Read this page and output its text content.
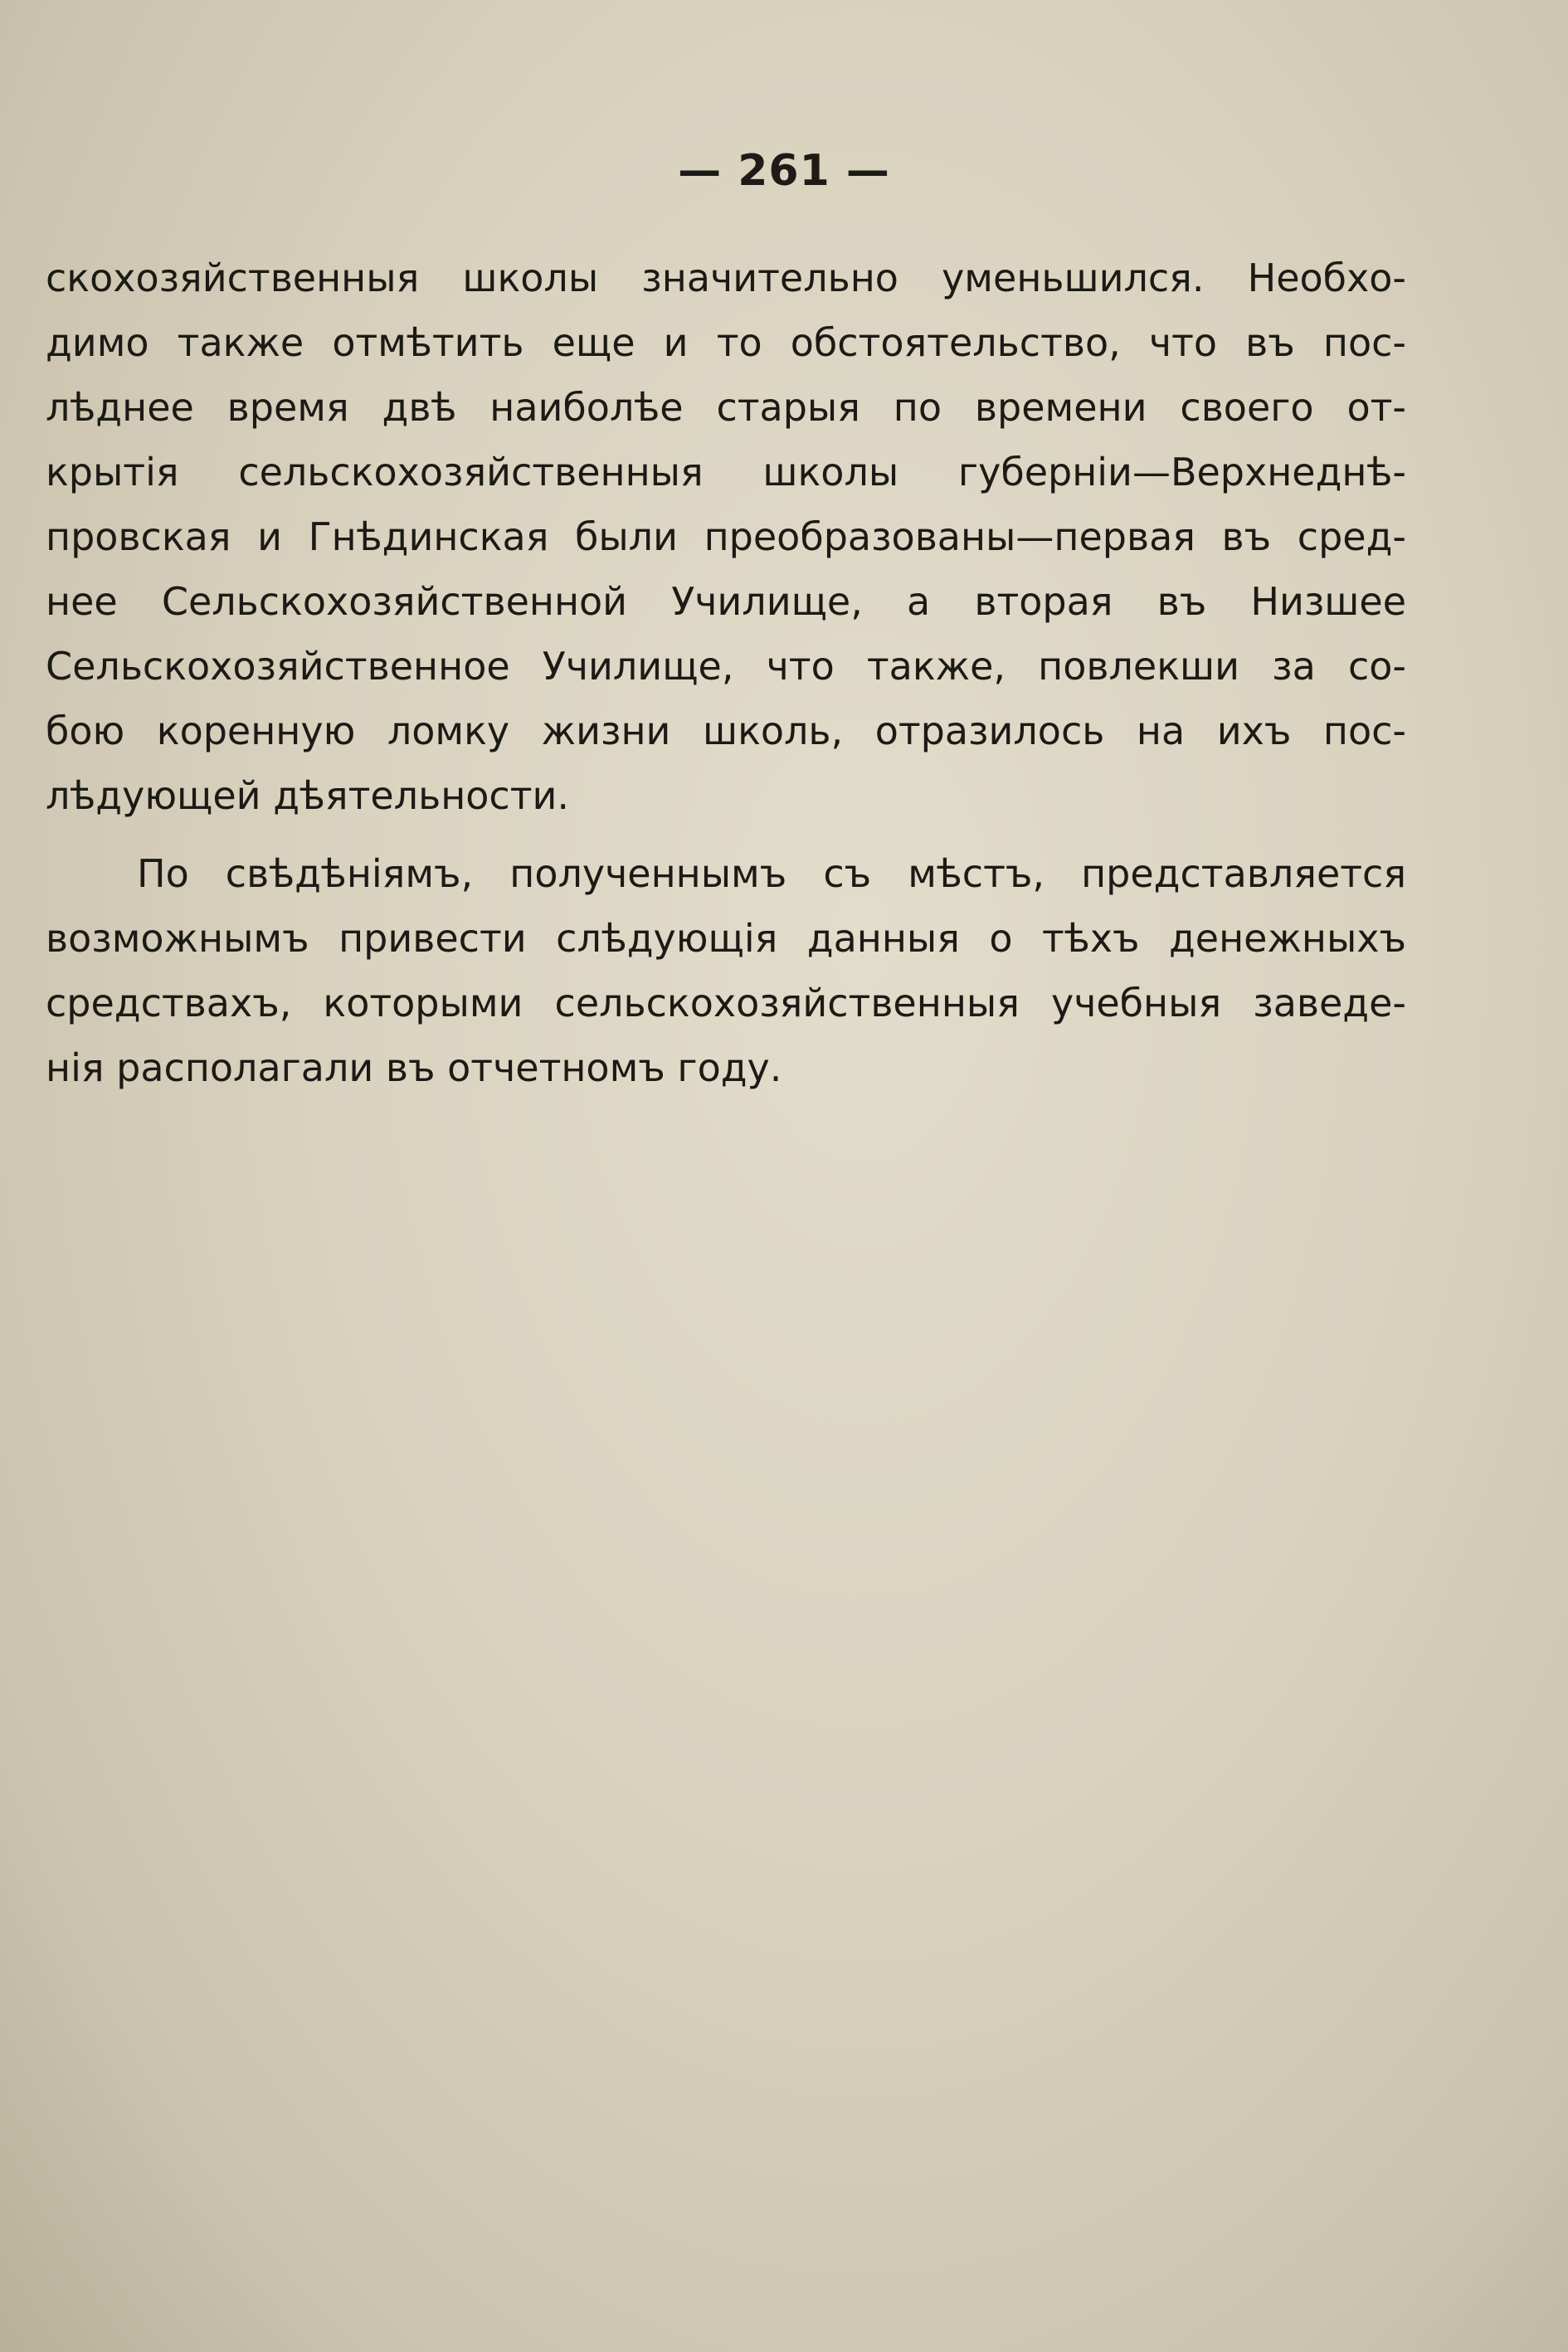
— 261 —
скохозяйственныя школы значительно уменьшился. Необхо-
димо также отмѣтить еще и то обстоятельство, что въ пос-
лѣднее время двѣ наиболѣе старыя по времени своего от-
крытія сельскохозяйственныя школы губерніи—Верхнеднѣ-
провская и Гнѣдинская были преобразованы—первая въ сред-
нее Сельскохозяйственной Училище, а вторая въ Низшее
Сельскохозяйственное Училище, что также, повлекши за со-
бою коренную ломку жизни школь, отразилось на ихъ пос-
лѣдующей дѣятельности.
По свѣдѣніямъ, полученнымъ съ мѣстъ, представляется
возможнымъ привести слѣдующія данныя о тѣхъ денежныхъ
средствахъ, которыми сельскохозяйственныя учебныя заведе-
нія располагали въ отчетномъ году.
